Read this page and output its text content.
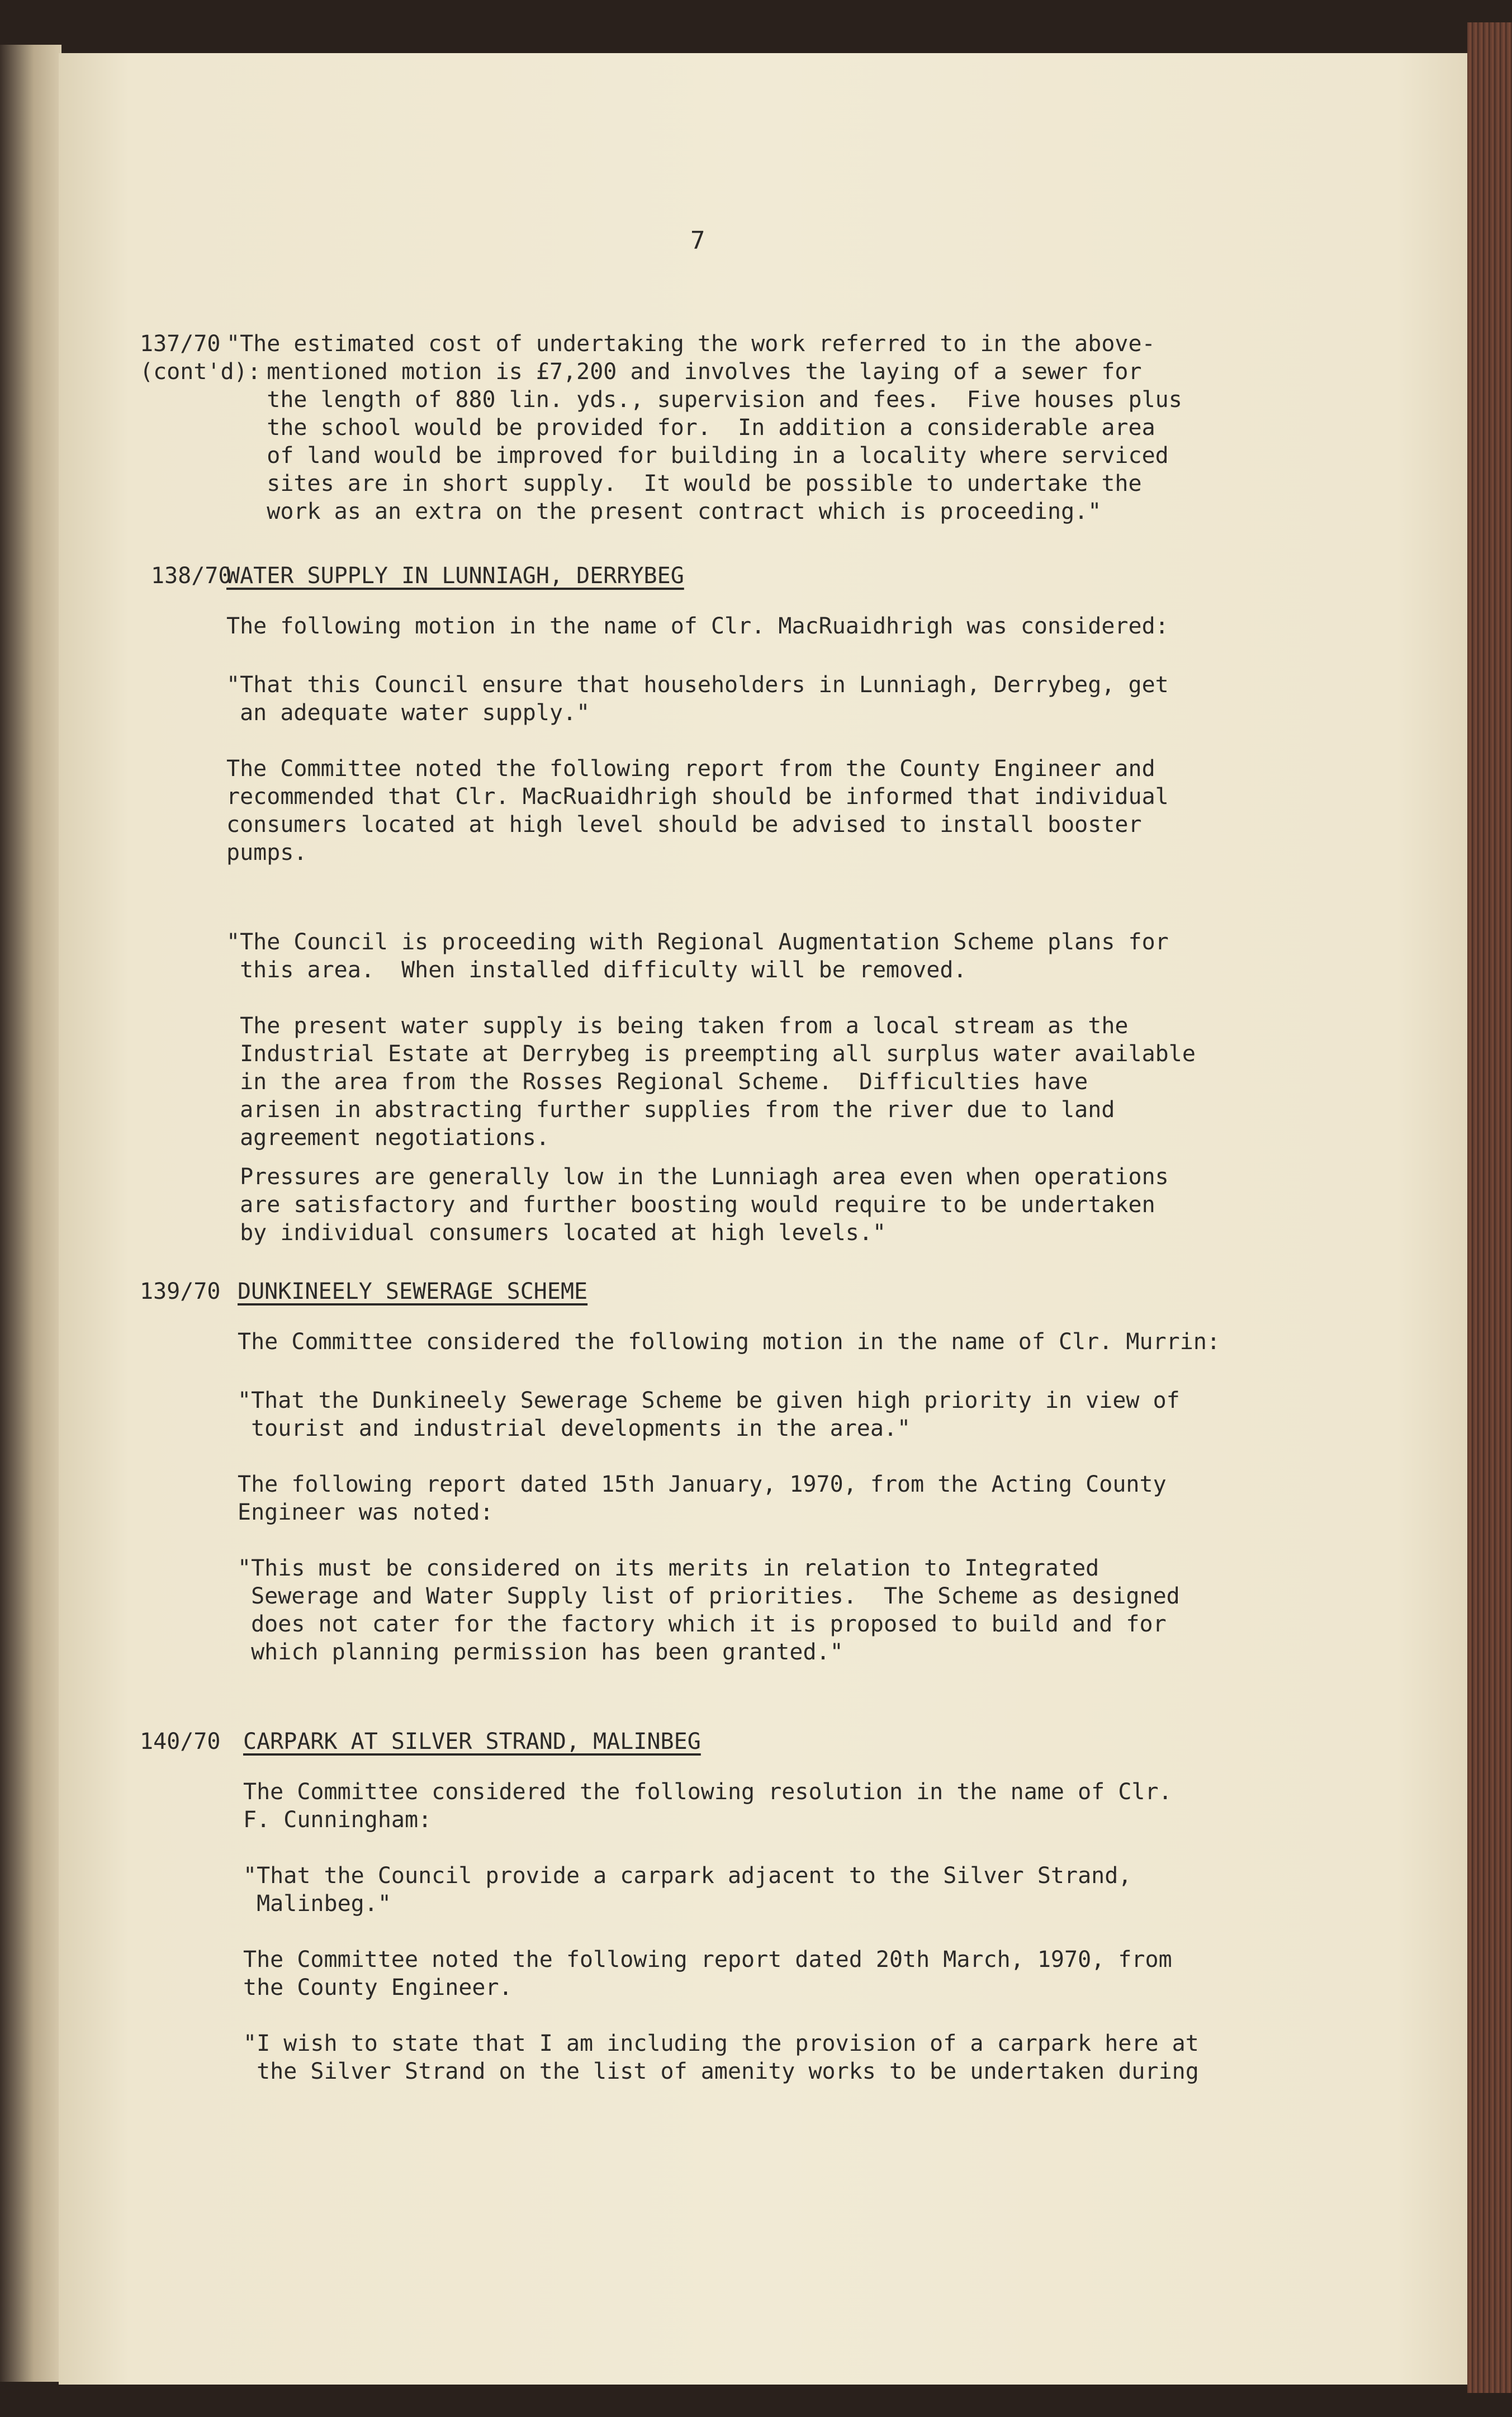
7
137/70
(cont'd):
"The estimated cost of undertaking the work referred to in the above-
mentioned motion is £7,200 and involves the laying of a sewer for
the length of 880 lin. yds., supervision and fees.  Five houses plus
the school would be provided for.  In addition a considerable area
of land would be improved for building in a locality where serviced
sites are in short supply.  It would be possible to undertake the
work as an extra on the present contract which is proceeding."
138/70
WATER SUPPLY IN LUNNIAGH, DERRYBEG
The following motion in the name of Clr. MacRuaidhrigh was considered:
"That this Council ensure that householders in Lunniagh, Derrybeg, get
an adequate water supply."
The Committee noted the following report from the County Engineer and
recommended that Clr. MacRuaidhrigh should be informed that individual
consumers located at high level should be advised to install booster
pumps.
"The Council is proceeding with Regional Augmentation Scheme plans for
this area.  When installed difficulty will be removed.
The present water supply is being taken from a local stream as the
Industrial Estate at Derrybeg is preempting all surplus water available
in the area from the Rosses Regional Scheme.  Difficulties have
arisen in abstracting further supplies from the river due to land
agreement negotiations.
Pressures are generally low in the Lunniagh area even when operations
are satisfactory and further boosting would require to be undertaken
by individual consumers located at high levels."
139/70 DUNKINEELY SEWERAGE SCHEME
The Committee considered the following motion in the name of Clr. Murrin:
"That the Dunkineely Sewerage Scheme be given high priority in view of
tourist and industrial developments in the area."
The following report dated 15th January, 1970, from the Acting County
Engineer was noted:
"This must be considered on its merits in relation to Integrated
Sewerage and Water Supply list of priorities.  The Scheme as designed
does not cater for the factory which it is proposed to build and for
which planning permission has been granted."
140/70 CARPARK AT SILVER STRAND, MALINBEG
The Committee considered the following resolution in the name of Clr.
F. Cunningham:
"That the Council provide a carpark adjacent to the Silver Strand,
Malinbeg."
The Committee noted the following report dated 20th March, 1970, from
the County Engineer.
"I wish to state that I am including the provision of a carpark here at
the Silver Strand on the list of amenity works to be undertaken during
